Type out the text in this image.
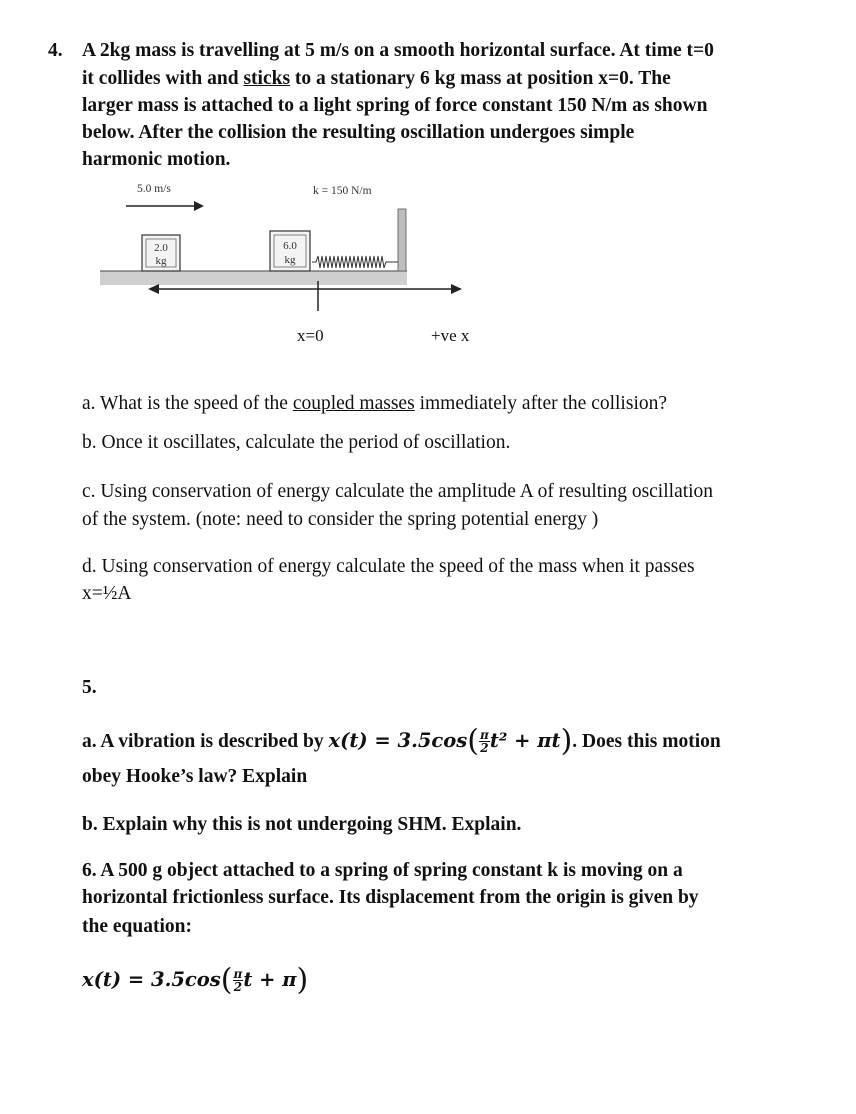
4. A 2kg mass is travelling at 5 m/s on a smooth horizontal surface. At time t=0
it collides with and sticks to a stationary 6 kg mass at position x=0. The
larger mass is attached to a light spring of force constant 150 N/m as shown
below. After the collision the resulting oscillation undergoes simple
harmonic motion.
5.0 m/s	k = 150 N/m
2.0
kg
6.0
kg
x=0	+ve x
a. What is the speed of the coupled masses immediately after the collision?
b. Once it oscillates, calculate the period of oscillation.
c. Using conservation of energy calculate the amplitude A of resulting oscillation
of the system. (note: need to consider the spring potential energy )
d. Using conservation of energy calculate the speed of the mass when it passes
x=½A
5.
a. A vibration is described by $x(t) = 3.5\cos( \frac{\pi}{2} t^2 + \pi t)$. Does this motion
obey Hooke’s law? Explain
b. Explain why this is not undergoing SHM. Explain.
6. A 500 g object attached to a spring of spring constant k is moving on a
horizontal frictionless surface. Its displacement from the origin is given by
the equation:
$x(t) = 3.5\cos( \frac{\pi}{2}$ t + π)
